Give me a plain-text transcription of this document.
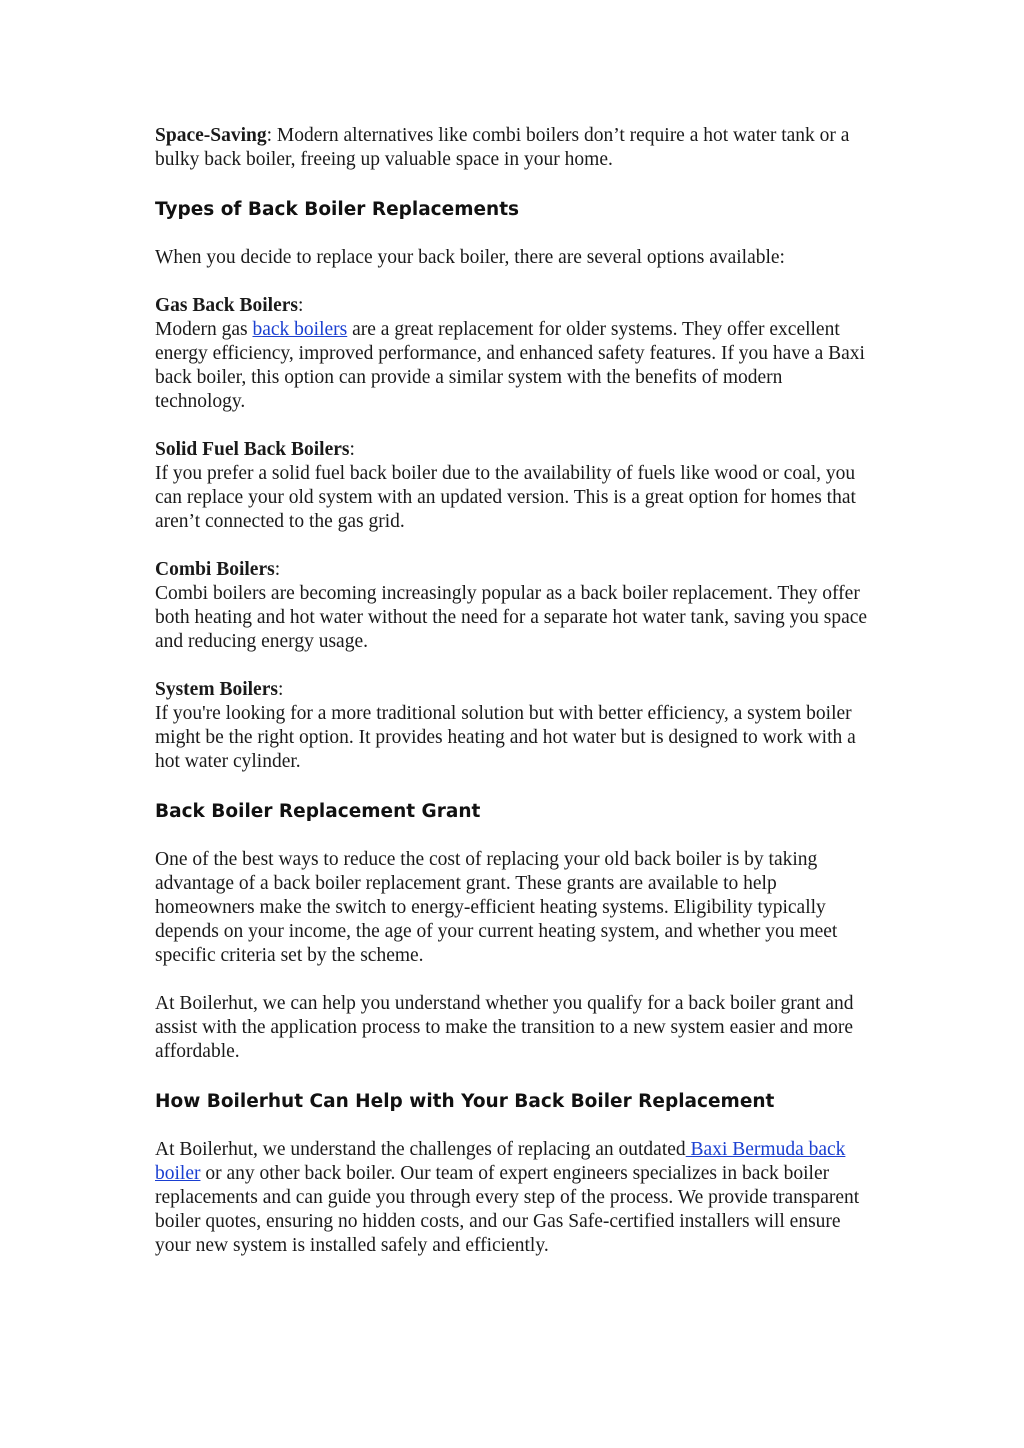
Space-Saving: Modern alternatives like combi boilers don’t require a hot water tank or a bulky back boiler, freeing up valuable space in your home.

Types of Back Boiler Replacements

When you decide to replace your back boiler, there are several options available:

Gas Back Boilers:

Modern gas back boilers are a great replacement for older systems. They offer excellent energy efficiency, improved performance, and enhanced safety features. If you have a Baxi back boiler, this option can provide a similar system with the benefits of modern technology.

Solid Fuel Back Boilers:

If you prefer a solid fuel back boiler due to the availability of fuels like wood or coal, you can replace your old system with an updated version. This is a great option for homes that aren’t connected to the gas grid.

Combi Boilers:

Combi boilers are becoming increasingly popular as a back boiler replacement. They offer both heating and hot water without the need for a separate hot water tank, saving you space and reducing energy usage.

System Boilers:

If you're looking for a more traditional solution but with better efficiency, a system boiler might be the right option. It provides heating and hot water but is designed to work with a hot water cylinder.

Back Boiler Replacement Grant

One of the best ways to reduce the cost of replacing your old back boiler is by taking advantage of a back boiler replacement grant. These grants are available to help homeowners make the switch to energy-efficient heating systems. Eligibility typically depends on your income, the age of your current heating system, and whether you meet specific criteria set by the scheme.

At Boilerhut, we can help you understand whether you qualify for a back boiler grant and assist with the application process to make the transition to a new system easier and more affordable.

How Boilerhut Can Help with Your Back Boiler Replacement

At Boilerhut, we understand the challenges of replacing an outdated Baxi Bermuda back boiler or any other back boiler. Our team of expert engineers specializes in back boiler replacements and can guide you through every step of the process. We provide transparent boiler quotes, ensuring no hidden costs, and our Gas Safe-certified installers will ensure your new system is installed safely and efficiently.
